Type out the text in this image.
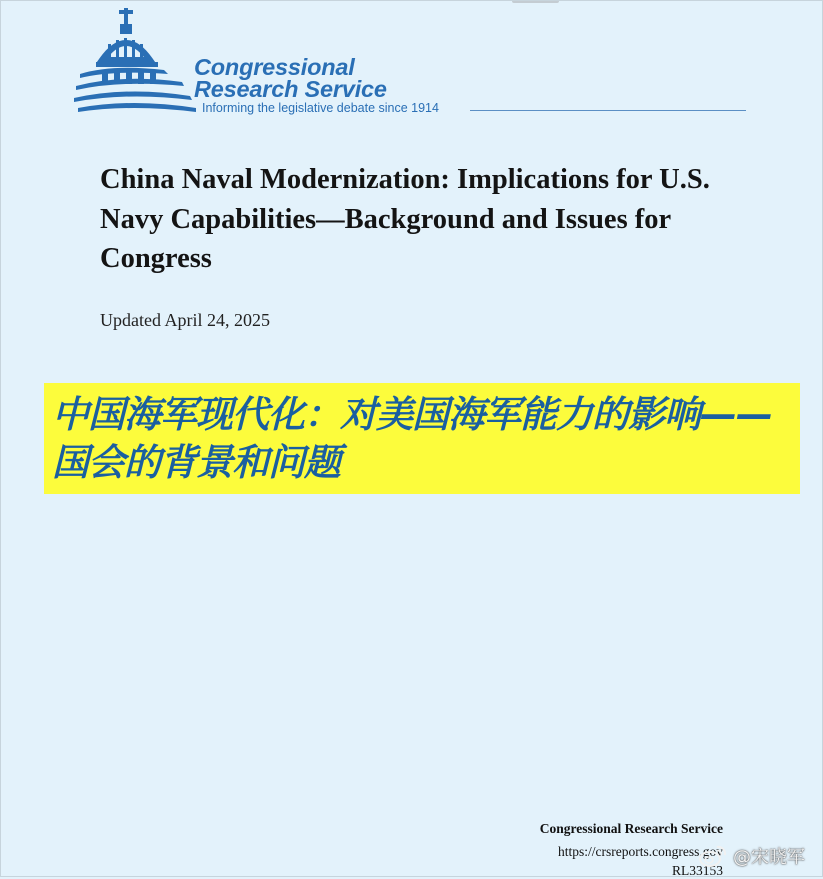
Congressional
Research Service
Informing the legislative debate since 1914
China Naval Modernization: Implications for U.S. Navy Capabilities—Background and Issues for Congress

Updated April 24, 2025

中国海军现代化：对美国海军能力的影响——国会的背景和问题

Congressional Research Service

https://crsreports.congress.gov

RL33153

@宋晓军
